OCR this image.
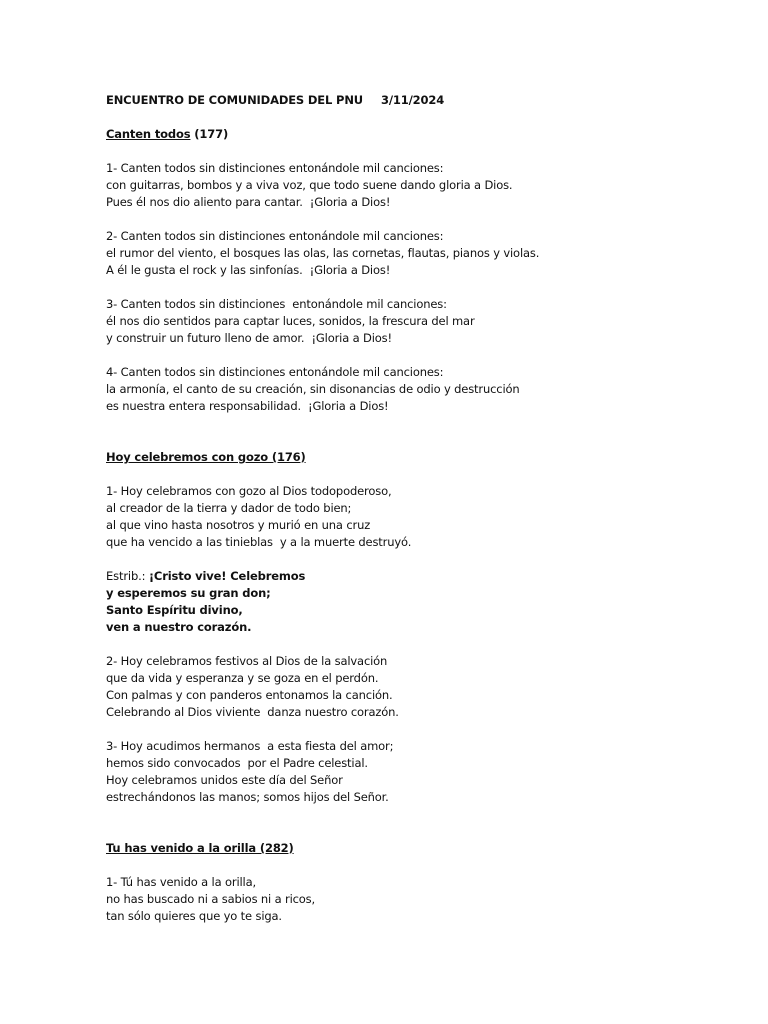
ENCUENTRO DE COMUNIDADES DEL PNU 3/11/2024
Canten todos (177)
1- Canten todos sin distinciones entonándole mil canciones:
con guitarras, bombos y a viva voz, que todo suene dando gloria a Dios.
Pues él nos dio aliento para cantar.  ¡Gloria a Dios!
2- Canten todos sin distinciones entonándole mil canciones:
el rumor del viento, el bosques las olas, las cornetas, flautas, pianos y violas.
A él le gusta el rock y las sinfonías.  ¡Gloria a Dios!
3- Canten todos sin distinciones  entonándole mil canciones:
él nos dio sentidos para captar luces, sonidos, la frescura del mar
y construir un futuro lleno de amor.  ¡Gloria a Dios!
4- Canten todos sin distinciones entonándole mil canciones:
la armonía, el canto de su creación, sin disonancias de odio y destrucción
es nuestra entera responsabilidad.  ¡Gloria a Dios!
Hoy celebremos con gozo (176)
1- Hoy celebramos con gozo al Dios todopoderoso,
al creador de la tierra y dador de todo bien;
al que vino hasta nosotros y murió en una cruz
que ha vencido a las tinieblas  y a la muerte destruyó.
Estrib.: ¡Cristo vive! Celebremos
y esperemos su gran don;
Santo Espíritu divino,
ven a nuestro corazón.
2- Hoy celebramos festivos al Dios de la salvación
que da vida y esperanza y se goza en el perdón.
Con palmas y con panderos entonamos la canción.
Celebrando al Dios viviente  danza nuestro corazón.
3- Hoy acudimos hermanos  a esta fiesta del amor;
hemos sido convocados  por el Padre celestial.
Hoy celebramos unidos este día del Señor
estrechándonos las manos; somos hijos del Señor.
Tu has venido a la orilla (282)
1- Tú has venido a la orilla,
no has buscado ni a sabios ni a ricos,
tan sólo quieres que yo te siga.
